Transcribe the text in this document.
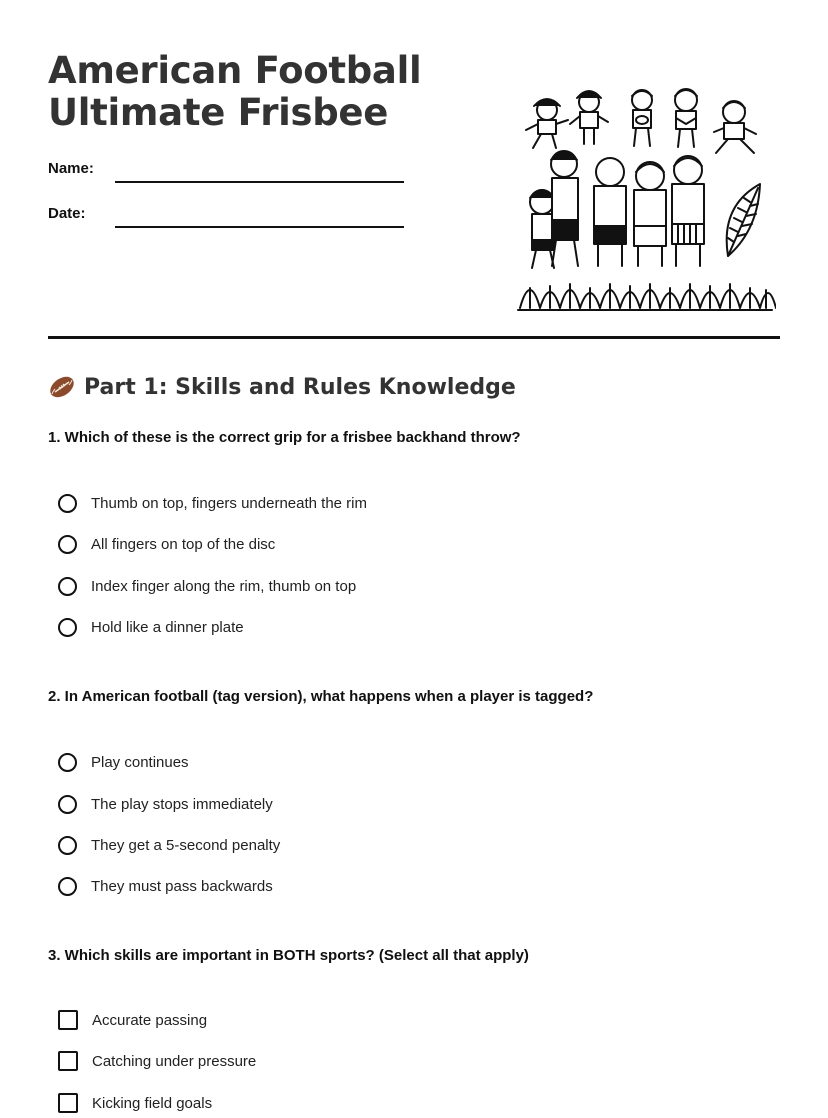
American Football
Ultimate Frisbee
Name:
Date:
Part 1: Skills and Rules Knowledge

1. Which of these is the correct grip for a frisbee backhand throw?

Thumb on top, fingers underneath the rim
All fingers on top of the disc
Index finger along the rim, thumb on top
Hold like a dinner plate

2. In American football (tag version), what happens when a player is tagged?

Play continues
The play stops immediately
They get a 5-second penalty
They must pass backwards

3. Which skills are important in BOTH sports? (Select all that apply)

Accurate passing
Catching under pressure
Kicking field goals
